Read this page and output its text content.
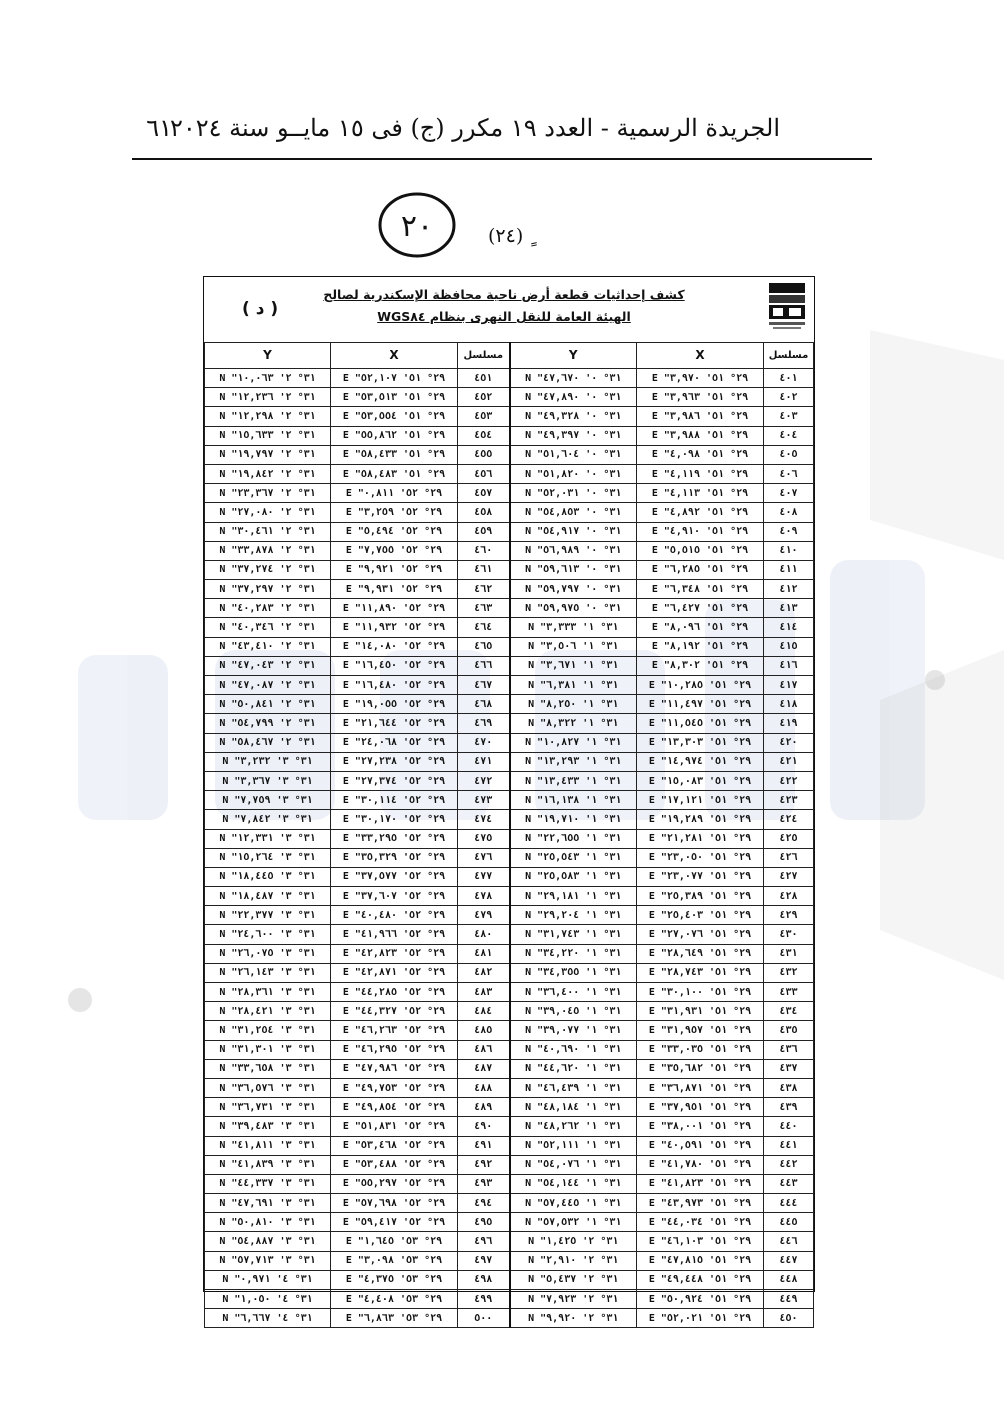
الجريدة الرسمية - العدد ١٩ مكرر (ج) فى ١٥ مايــو سنة ٢٠٢٤
٦١
٢٠	ٍ (٢٤)
كشف إحداثيات قطعة أرض ناحية محافظة الإسكندرية لصالح
الهيئة العامة للنقل النهرى بنظام WGS٨٤
( د )
Y	X	مسلسل	Y	X	مسلسل
N "٣١° ٢' ١٠,٠٦٣	E "٢٩° ٥١' ٥٢,١٠٧	٤٥١	N "٣١° ٠' ٤٧,٦٧٠	E "٢٩° ٥١' ٣,٩٧٠	٤٠١
N "٣١° ٢' ١٢,٢٣٦	E "٢٩° ٥١' ٥٣,٥١٣	٤٥٢	N "٣١° ٠' ٤٧,٨٩٠	E "٢٩° ٥١' ٣,٩٦٣	٤٠٢
N "٣١° ٢' ١٢,٢٩٨	E "٢٩° ٥١' ٥٣,٥٥٤	٤٥٣	N "٣١° ٠' ٤٩,٣٢٨	E "٢٩° ٥١' ٣,٩٨٦	٤٠٣
N "٣١° ٢' ١٥,٦٣٣	E "٢٩° ٥١' ٥٥,٨٦٢	٤٥٤	N "٣١° ٠' ٤٩,٣٩٧	E "٢٩° ٥١' ٣,٩٨٨	٤٠٤
N "٣١° ٢' ١٩,٧٩٧	E "٢٩° ٥١' ٥٨,٤٣٣	٤٥٥	N "٣١° ٠' ٥١,٦٠٤	E "٢٩° ٥١' ٤,٠٩٨	٤٠٥
N "٣١° ٢' ١٩,٨٤٢	E "٢٩° ٥١' ٥٨,٤٨٣	٤٥٦	N "٣١° ٠' ٥١,٨٢٠	E "٢٩° ٥١' ٤,١١٩	٤٠٦
N "٣١° ٢' ٢٣,٣٦٧	E "٢٩° ٥٢' ٠,٨١١	٤٥٧	N "٣١° ٠' ٥٢,٠٣١	E "٢٩° ٥١' ٤,١١٣	٤٠٧
N "٣١° ٢' ٢٧,٠٨٠	E "٢٩° ٥٢' ٣,٢٥٩	٤٥٨	N "٣١° ٠' ٥٤,٨٥٣	E "٢٩° ٥١' ٤,٨٩٢	٤٠٨
N "٣١° ٢' ٣٠,٤٦١	E "٢٩° ٥٢' ٥,٤٩٤	٤٥٩	N "٣١° ٠' ٥٤,٩١٧	E "٢٩° ٥١' ٤,٩١٠	٤٠٩
N "٣١° ٢' ٣٣,٨٧٨	E "٢٩° ٥٢' ٧,٧٥٥	٤٦٠	N "٣١° ٠' ٥٦,٩٨٩	E "٢٩° ٥١' ٥,٥١٥	٤١٠
N "٣١° ٢' ٣٧,٢٧٤	E "٢٩° ٥٢' ٩,٩٢١	٤٦١	N "٣١° ٠' ٥٩,٦١٣	E "٢٩° ٥١' ٦,٢٨٥	٤١١
N "٣١° ٢' ٣٧,٢٩٧	E "٢٩° ٥٢' ٩,٩٣١	٤٦٢	N "٣١° ٠' ٥٩,٧٩٧	E "٢٩° ٥١' ٦,٣٤٨	٤١٢
N "٣١° ٢' ٤٠,٢٨٣	E "٢٩° ٥٢' ١١,٨٩٠	٤٦٣	N "٣١° ٠' ٥٩,٩٧٥	E "٢٩° ٥١' ٦,٤٢٧	٤١٣
N "٣١° ٢' ٤٠,٣٤٦	E "٢٩° ٥٢' ١١,٩٣٢	٤٦٤	N "٣١° ١' ٣,٣٣٣	E "٢٩° ٥١' ٨,٠٩٦	٤١٤
N "٣١° ٢' ٤٣,٤١٠	E "٢٩° ٥٢' ١٤,٠٨٠	٤٦٥	N "٣١° ١' ٣,٥٠٦	E "٢٩° ٥١' ٨,١٩٢	٤١٥
N "٣١° ٢' ٤٧,٠٤٣	E "٢٩° ٥٢' ١٦,٤٥٠	٤٦٦	N "٣١° ١' ٣,٦٧١	E "٢٩° ٥١' ٨,٣٠٢	٤١٦
N "٣١° ٢' ٤٧,٠٨٧	E "٢٩° ٥٢' ١٦,٤٨٠	٤٦٧	N "٣١° ١' ٦,٣٨١	E "٢٩° ٥١' ١٠,٢٨٥	٤١٧
N "٣١° ٢' ٥٠,٨٤١	E "٢٩° ٥٢' ١٩,٠٥٥	٤٦٨	N "٣١° ١' ٨,٢٥٠	E "٢٩° ٥١' ١١,٤٩٧	٤١٨
N "٣١° ٢' ٥٤,٧٩٩	E "٢٩° ٥٢' ٢١,٦٤٤	٤٦٩	N "٣١° ١' ٨,٣٢٢	E "٢٩° ٥١' ١١,٥٤٥	٤١٩
N "٣١° ٢' ٥٨,٤٦٧	E "٢٩° ٥٢' ٢٤,٠٦٨	٤٧٠	N "٣١° ١' ١٠,٨٢٧	E "٢٩° ٥١' ١٣,٣٠٣	٤٢٠
N "٣١° ٣' ٣,٢٣٢	E "٢٩° ٥٢' ٢٧,٢٣٨	٤٧١	N "٣١° ١' ١٣,٢٩٣	E "٢٩° ٥١' ١٤,٩٧٤	٤٢١
N "٣١° ٣' ٣,٣٦٧	E "٢٩° ٥٢' ٢٧,٣٧٤	٤٧٢	N "٣١° ١' ١٣,٤٣٣	E "٢٩° ٥١' ١٥,٠٨٣	٤٢٢
N "٣١° ٣' ٧,٧٥٩	E "٢٩° ٥٢' ٣٠,١١٤	٤٧٣	N "٣١° ١' ١٦,١٣٨	E "٢٩° ٥١' ١٧,١٢١	٤٢٣
N "٣١° ٣' ٧,٨٤٢	E "٢٩° ٥٢' ٣٠,١٧٠	٤٧٤	N "٣١° ١' ١٩,٧١٠	E "٢٩° ٥١' ١٩,٢٨٩	٤٢٤
N "٣١° ٣' ١٢,٣٣١	E "٢٩° ٥٢' ٣٣,٢٩٥	٤٧٥	N "٣١° ١' ٢٢,٦٥٥	E "٢٩° ٥١' ٢١,٢٨١	٤٢٥
N "٣١° ٣' ١٥,٢٦٤	E "٢٩° ٥٢' ٣٥,٣٢٩	٤٧٦	N "٣١° ١' ٢٥,٥٤٣	E "٢٩° ٥١' ٢٣,٠٥٠	٤٢٦
N "٣١° ٣' ١٨,٤٤٥	E "٢٩° ٥٢' ٣٧,٥٧٧	٤٧٧	N "٣١° ١' ٢٥,٥٨٣	E "٢٩° ٥١' ٢٣,٠٧٧	٤٢٧
N "٣١° ٣' ١٨,٤٨٧	E "٢٩° ٥٢' ٣٧,٦٠٧	٤٧٨	N "٣١° ١' ٢٩,١٨١	E "٢٩° ٥١' ٢٥,٣٨٩	٤٢٨
N "٣١° ٣' ٢٢,٣٧٧	E "٢٩° ٥٢' ٤٠,٤٨٠	٤٧٩	N "٣١° ١' ٢٩,٢٠٤	E "٢٩° ٥١' ٢٥,٤٠٣	٤٢٩
N "٣١° ٣' ٢٤,٦٠٠	E "٢٩° ٥٢' ٤١,٩٦٦	٤٨٠	N "٣١° ١' ٣١,٧٤٣	E "٢٩° ٥١' ٢٧,٠٧٦	٤٣٠
N "٣١° ٣' ٢٦,٠٧٥	E "٢٩° ٥٢' ٤٢,٨٢٣	٤٨١	N "٣١° ١' ٣٤,٢٢٠	E "٢٩° ٥١' ٢٨,٦٤٩	٤٣١
N "٣١° ٣' ٢٦,١٤٣	E "٢٩° ٥٢' ٤٢,٨٧١	٤٨٢	N "٣١° ١' ٣٤,٣٥٥	E "٢٩° ٥١' ٢٨,٧٤٣	٤٣٢
N "٣١° ٣' ٢٨,٣٦١	E "٢٩° ٥٢' ٤٤,٢٨٥	٤٨٣	N "٣١° ١' ٣٦,٤٠٠	E "٢٩° ٥١' ٣٠,١٠٠	٤٣٣
N "٣١° ٣' ٢٨,٤٢١	E "٢٩° ٥٢' ٤٤,٣٢٧	٤٨٤	N "٣١° ١' ٣٩,٠٤٥	E "٢٩° ٥١' ٣١,٩٣١	٤٣٤
N "٣١° ٣' ٣١,٢٥٤	E "٢٩° ٥٢' ٤٦,٢٦٣	٤٨٥	N "٣١° ١' ٣٩,٠٧٧	E "٢٩° ٥١' ٣١,٩٥٧	٤٣٥
N "٣١° ٣' ٣١,٣٠١	E "٢٩° ٥٢' ٤٦,٢٩٥	٤٨٦	N "٣١° ١' ٤٠,٦٩٠	E "٢٩° ٥١' ٣٣,٠٣٥	٤٣٦
N "٣١° ٣' ٣٣,٦٥٨	E "٢٩° ٥٢' ٤٧,٩٨٦	٤٨٧	N "٣١° ١' ٤٤,٦٢٠	E "٢٩° ٥١' ٣٥,٦٨٢	٤٣٧
N "٣١° ٣' ٣٦,٥٧٦	E "٢٩° ٥٢' ٤٩,٧٥٣	٤٨٨	N "٣١° ١' ٤٦,٤٣٩	E "٢٩° ٥١' ٣٦,٨٧١	٤٣٨
N "٣١° ٣' ٣٦,٧٣١	E "٢٩° ٥٢' ٤٩,٨٥٤	٤٨٩	N "٣١° ١' ٤٨,١٨٤	E "٢٩° ٥١' ٣٧,٩٥١	٤٣٩
N "٣١° ٣' ٣٩,٤٨٣	E "٢٩° ٥٢' ٥١,٨٣١	٤٩٠	N "٣١° ١' ٤٨,٢٦٢	E "٢٩° ٥١' ٣٨,٠٠١	٤٤٠
N "٣١° ٣' ٤١,٨١١	E "٢٩° ٥٢' ٥٣,٤٦٨	٤٩١	N "٣١° ١' ٥٢,١١١	E "٢٩° ٥١' ٤٠,٥٩١	٤٤١
N "٣١° ٣' ٤١,٨٣٩	E "٢٩° ٥٢' ٥٣,٤٨٨	٤٩٢	N "٣١° ١' ٥٤,٠٧٦	E "٢٩° ٥١' ٤١,٧٨٠	٤٤٢
N "٣١° ٣' ٤٤,٣٣٧	E "٢٩° ٥٢' ٥٥,٢٩٧	٤٩٣	N "٣١° ١' ٥٤,١٤٤	E "٢٩° ٥١' ٤١,٨٢٣	٤٤٣
N "٣١° ٣' ٤٧,٦٩١	E "٢٩° ٥٢' ٥٧,٦٩٨	٤٩٤	N "٣١° ١' ٥٧,٤٤٥	E "٢٩° ٥١' ٤٣,٩٧٣	٤٤٤
N "٣١° ٣' ٥٠,٨١٠	E "٢٩° ٥٢' ٥٩,٤١٧	٤٩٥	N "٣١° ١' ٥٧,٥٣٢	E "٢٩° ٥١' ٤٤,٠٣٤	٤٤٥
N "٣١° ٣' ٥٤,٨٨٧	E "٢٩° ٥٣' ١,٦٤٥	٤٩٦	N "٣١° ٢' ١,٤٢٥	E "٢٩° ٥١' ٤٦,١٠٣	٤٤٦
N "٣١° ٣' ٥٧,٧١٣	E "٢٩° ٥٣' ٣,٠٩٨	٤٩٧	N "٣١° ٢' ٢,٩١٠	E "٢٩° ٥١' ٤٧,٨١٥	٤٤٧
N "٣١° ٤' ٠,٩٧١	E "٢٩° ٥٣' ٤,٣٧٥	٤٩٨	N "٣١° ٢' ٥,٤٣٧	E "٢٩° ٥١' ٤٩,٤٤٨	٤٤٨
N "٣١° ٤' ١,٠٥٠	E "٢٩° ٥٣' ٤,٤٠٨	٤٩٩	N "٣١° ٢' ٧,٩٢٣	E "٢٩° ٥١' ٥٠,٩٢٤	٤٤٩
N "٣١° ٤' ٦,٦٦٧	E "٢٩° ٥٣' ٦,٨٦٣	٥٠٠	N "٣١° ٢' ٩,٩٢٠	E "٢٩° ٥١' ٥٢,٠٢١	٤٥٠
